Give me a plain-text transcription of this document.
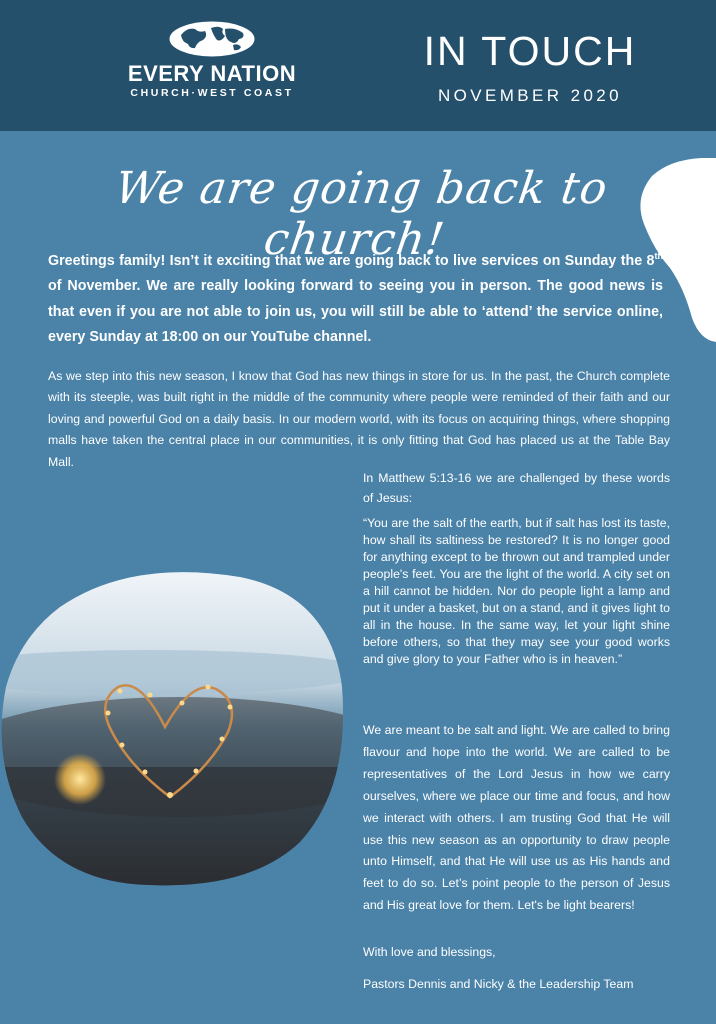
EVERY NATION
CHURCH·WEST COAST
IN TOUCH
NOVEMBER 2020
We are going back to church!
Greetings family! Isn’t it exciting that we are going back to live services on Sunday the 8th of November. We are really looking forward to seeing you in person. The good news is that even if you are not able to join us, you will still be able to ‘attend’ the service online, every Sunday at 18:00 on our YouTube channel.
As we step into this new season, I know that God has new things in store for us. In the past, the Church complete with its steeple, was built right in the middle of the community where people were reminded of their faith and our loving and powerful God on a daily basis. In our modern world, with its focus on acquiring things, where shopping malls have taken the central place in our communities, it is only fitting that God has placed us at the Table Bay Mall.
In Matthew 5:13-16 we are challenged by these words of Jesus:
“You are the salt of the earth, but if salt has lost its taste, how shall its saltiness be restored? It is no longer good for anything except to be thrown out and trampled under people's feet. You are the light of the world. A city set on a hill cannot be hidden. Nor do people light a lamp and put it under a basket, but on a stand, and it gives light to all in the house. In the same way, let your light shine before others, so that they may see your good works and give glory to your Father who is in heaven.”
We are meant to be salt and light. We are called to bring flavour and hope into the world. We are called to be representatives of the Lord Jesus in how we carry ourselves, where we place our time and focus, and how we interact with others. I am trusting God that He will use this new season as an opportunity to draw people unto Himself, and that He will use us as His hands and feet to do so. Let’s point people to the person of Jesus and His great love for them. Let's be light bearers!
With love and blessings,
Pastors Dennis and Nicky & the Leadership Team
